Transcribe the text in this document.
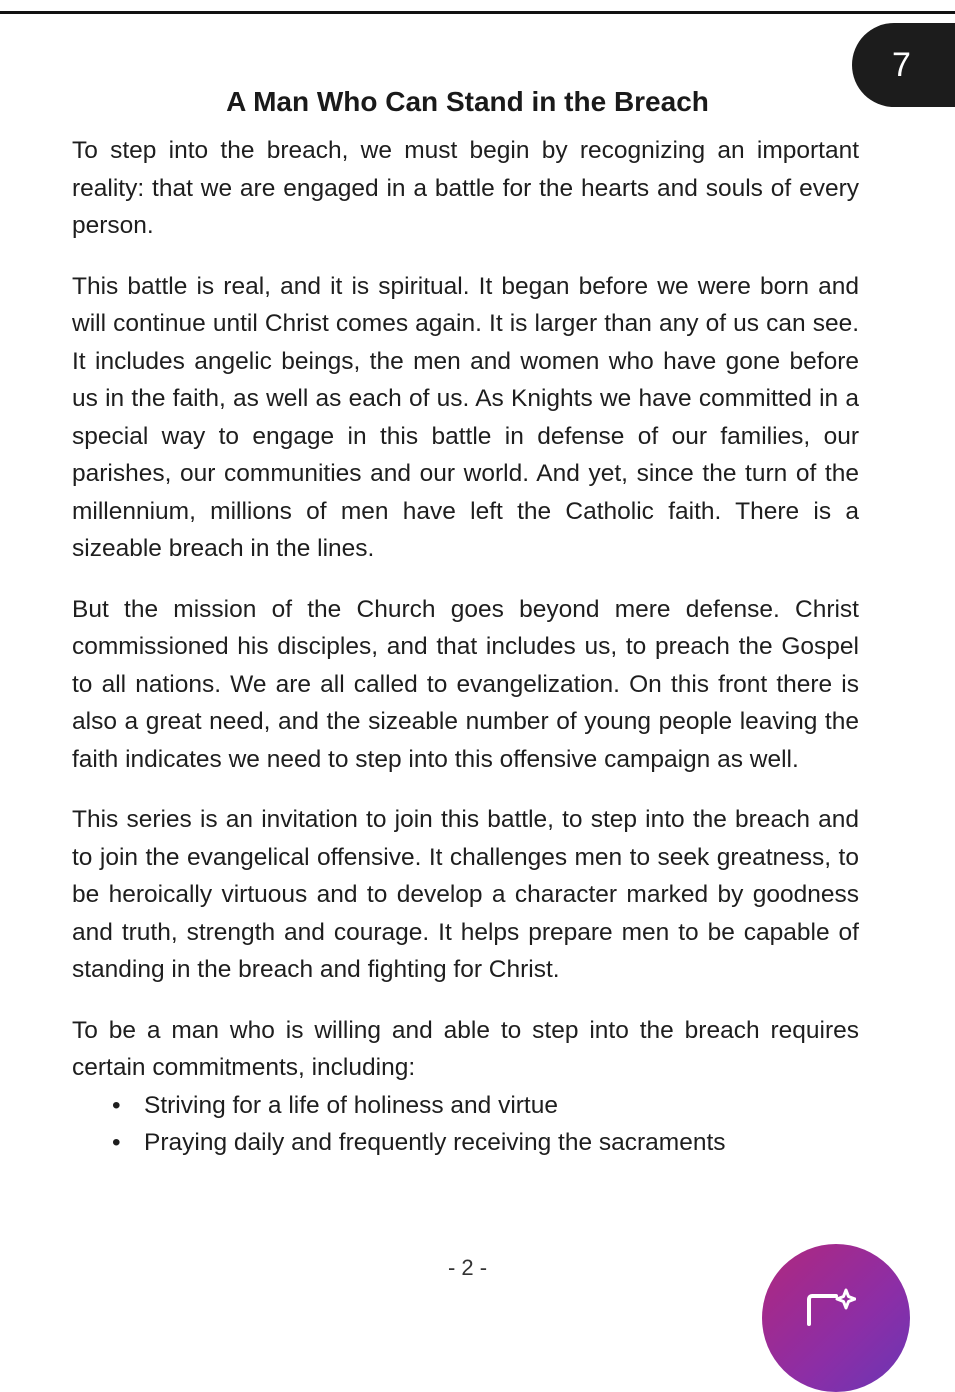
7
A Man Who Can Stand in the Breach

To step into the breach, we must begin by recognizing an important reality: that we are engaged in a battle for the hearts and souls of every person.

This battle is real, and it is spiritual. It began before we were born and will continue until Christ comes again. It is larger than any of us can see. It includes angelic beings, the men and women who have gone before us in the faith, as well as each of us. As Knights we have committed in a special way to engage in this battle in defense of our families, our parishes, our communities and our world. And yet, since the turn of the millennium, millions of men have left the Catholic faith. There is a sizeable breach in the lines.

But the mission of the Church goes beyond mere defense. Christ commissioned his disciples, and that includes us, to preach the Gospel to all nations. We are all called to evangelization. On this front there is also a great need, and the sizeable number of young people leaving the faith indicates we need to step into this offensive campaign as well.

This series is an invitation to join this battle, to step into the breach and to join the evangelical offensive. It challenges men to seek greatness, to be heroically virtuous and to develop a character marked by goodness and truth, strength and courage. It helps prepare men to be capable of standing in the breach and fighting for Christ.

To be a man who is willing and able to step into the breach requires certain commitments, including:

• Striving for a life of holiness and virtue
• Praying daily and frequently receiving the sacraments
- 2 -
